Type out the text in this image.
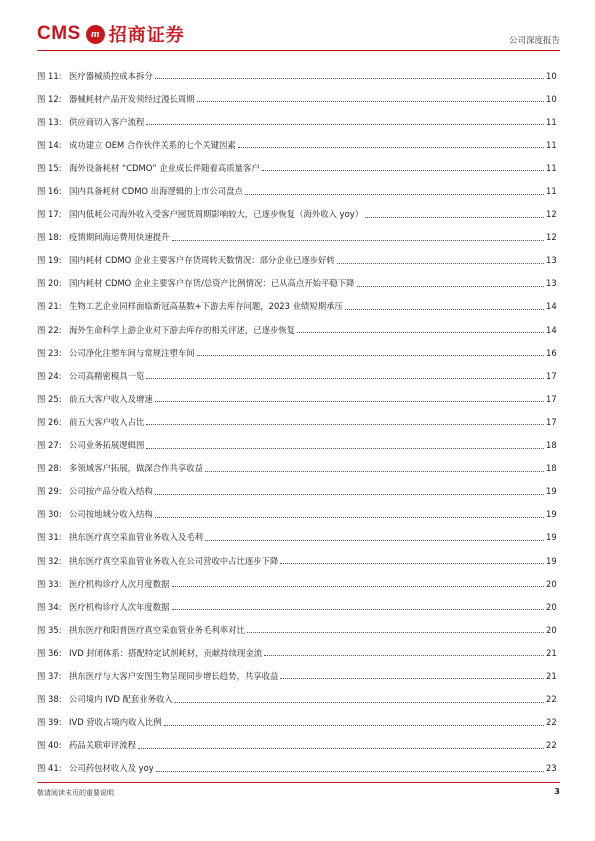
CMS m 招商证券	公司深度报告
图 11: 医疗器械质控成本拆分	10
图 12: 器械耗材产品开发须经过漫长周期	10
图 13: 供应商切入客户流程	11
图 14: 成功建立 OEM 合作伙伴关系的七个关键因素	11
图 15: 海外设备耗材 “CDMO” 企业成长伴随着高质量客户	11
图 16: 国内具备耗材 CDMO 出海逻辑的上市公司盘点	11
图 17: 国内低耗公司海外收入受客户囤货周期影响较大，已逐步恢复（海外收入 yoy）	12
图 18: 疫情期间海运费用快速提升	12
图 19: 国内耗材 CDMO 企业主要客户存货周转天数情况：部分企业已逐步好转	13
图 20: 国内耗材 CDMO 企业主要客户存货/总资产比例情况：已从高点开始平稳下降	13
图 21: 生物工艺企业同样面临新冠高基数+下游去库存问题，2023 业绩短期承压	14
图 22: 海外生命科学上游企业对下游去库存的相关评述，已逐步恢复	14
图 23: 公司净化注塑车间与常规注塑车间	16
图 24: 公司高精密模具一览	17
图 25: 前五大客户收入及增速	17
图 26: 前五大客户收入占比	17
图 27: 公司业务拓展逻辑图	18
图 28: 多领域客户拓展，做深合作共享收益	18
图 29: 公司按产品分收入结构	19
图 30: 公司按地域分收入结构	19
图 31: 拱东医疗真空采血管业务收入及毛利	19
图 32: 拱东医疗真空采血管业务收入在公司营收中占比逐步下降	19
图 33: 医疗机构诊疗人次月度数据	20
图 34: 医疗机构诊疗人次年度数据	20
图 35: 拱东医疗和阳普医疗真空采血管业务毛利率对比	20
图 36: IVD 封闭体系：搭配特定试剂耗材，贡献持续现金流	21
图 37: 拱东医疗与大客户安图生物呈现同步增长趋势，共享收益	21
图 38: 公司境内 IVD 配套业务收入	22
图 39: IVD 营收占境内收入比例	22
图 40: 药品关联审评流程	22
图 41: 公司药包材收入及 yoy	23
敬请阅读末页的重要说明	3
